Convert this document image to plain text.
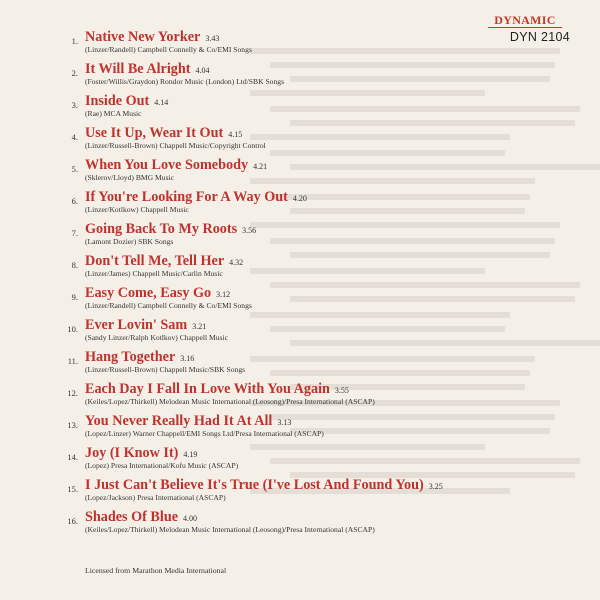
DYNAMIC
DYN 2104
1. Native New Yorker 3.43
(Linzer/Randell) Campbell Connelly & Co/EMI Songs
2. It Will Be Alright 4.04
(Foster/Willis/Graydon) Rondor Music (London) Ltd/SBK Songs
3. Inside Out 4.14
(Rae) MCA Music
4. Use It Up, Wear It Out 4.15
(Linzer/Russell-Brown) Chappell Music/Copyright Control
5. When You Love Somebody 4.21
(Sklerov/Lloyd) BMG Music
6. If You're Looking For A Way Out 4.20
(Linzer/Kotlkow) Chappell Music
7. Going Back To My Roots 3.56
(Lamont Dozier) SBK Songs
8. Don't Tell Me, Tell Her 4.32
(Linzer/James) Chappell Music/Carlin Music
9. Easy Come, Easy Go 3.12
(Linzer/Randell) Campbell Connelly & Co/EMI Songs
10. Ever Lovin' Sam 3.21
(Sandy Linzer/Ralph Kotlkov) Chappell Music
11. Hang Together 3.16
(Linzer/Russell-Brown) Chappell Music/SBK Songs
12. Each Day I Fall In Love With You Again 3.55
(Keiles/Lopez/Thirkell) Melodean Music International (Leosong)/Presa International (ASCAP)
13. You Never Really Had It At All 3.13
(Lopez/Linzer) Warner Chappell/EMI Songs Ltd/Presa International (ASCAP)
14. Joy (I Know It) 4.19
(Lopez) Presa International/Kofu Music (ASCAP)
15. I Just Can't Believe It's True (I've Lost And Found You) 3.25
(Lopez/Jackson) Presa International (ASCAP)
16. Shades Of Blue 4.00
(Keiles/Lopez/Thirkell) Melodean Music International (Leosong)/Presa International (ASCAP)
Licensed from Marathon Media International
